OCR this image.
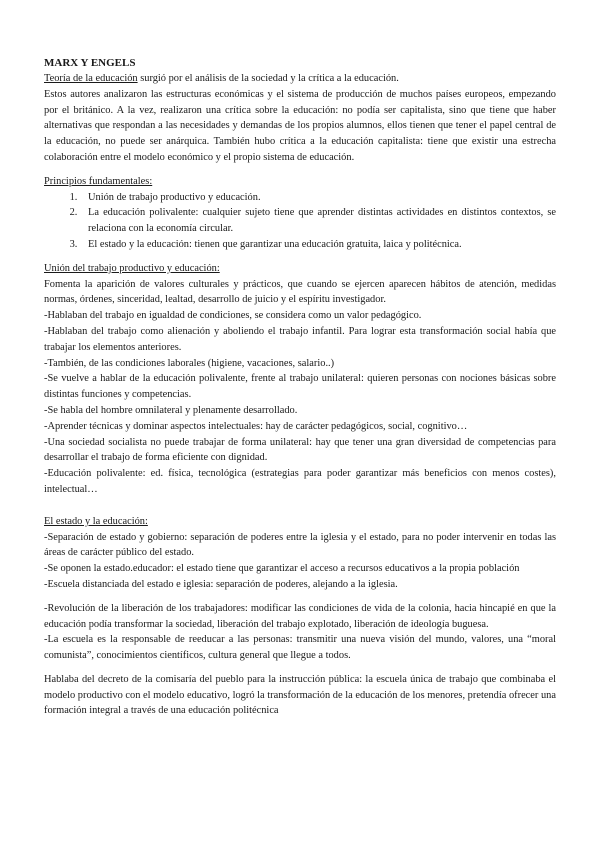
MARX Y ENGELS

Teoría de la educación surgió por el análisis de la sociedad y la crítica a la educación.

Estos autores analizaron las estructuras económicas y el sistema de producción de muchos países europeos, empezando por el británico. A la vez, realizaron una crítica sobre la educación: no podía ser capitalista, sino que tiene que haber alternativas que respondan a las necesidades y demandas de los propios alumnos, ellos tienen que tener el papel central de la educación, no puede ser anárquica. También hubo crítica a la educación capitalista: tiene que existir una estrecha colaboración entre el modelo económico y el propio sistema de educación.

Principios fundamentales:

1. Unión de trabajo productivo y educación.
2. La educación polivalente: cualquier sujeto tiene que aprender distintas actividades en distintos contextos, se relaciona con la economía circular.
3. El estado y la educación: tienen que garantizar una educación gratuita, laica y politécnica.

Unión del trabajo productivo y educación:

Fomenta la aparición de valores culturales y prácticos, que cuando se ejercen aparecen hábitos de atención, medidas normas, órdenes, sinceridad, lealtad, desarrollo de juicio y el espíritu investigador.

-Hablaban del trabajo en igualdad de condiciones, se considera como un valor pedagógico.

-Hablaban del trabajo como alienación y aboliendo el trabajo infantil. Para lograr esta transformación social había que trabajar los elementos anteriores.

-También, de las condiciones laborales (higiene, vacaciones, salario..)

-Se vuelve a hablar de la educación polivalente, frente al trabajo unilateral: quieren personas con nociones básicas sobre distintas funciones y competencias.

-Se habla del hombre omnilateral y plenamente desarrollado.

-Aprender técnicas y dominar aspectos intelectuales: hay de carácter pedagógicos, social, cognitivo…

-Una sociedad socialista no puede trabajar de forma unilateral: hay que tener una gran diversidad de competencias para desarrollar el trabajo de forma eficiente con dignidad.

-Educación polivalente: ed. física, tecnológica (estrategias para poder garantizar más beneficios con menos costes), intelectual…

El estado y la educación:

-Separación de estado y gobierno: separación de poderes entre la iglesia y el estado, para no poder intervenir en todas las áreas de carácter público del estado.

-Se oponen la estado.educador: el estado tiene que garantizar el acceso a recursos educativos a la propia población

-Escuela distanciada del estado e iglesia: separación de poderes, alejando a la iglesia.

-Revolución de la liberación de los trabajadores: modificar las condiciones de vida de la colonia, hacia hincapié en que la educación podía transformar la sociedad, liberación del trabajo explotado, liberación de ideología buguesa.

-La escuela es la responsable de reeducar a las personas: transmitir una nueva visión del mundo, valores, una “moral comunista”, conocimientos científicos, cultura general que llegue a todos.

Hablaba del decreto de la comisaría del pueblo para la instrucción pública: la escuela única de trabajo que combinaba el modelo productivo con el modelo educativo, logró la transformación de la educación de los menores, pretendía ofrecer una formación integral a través de una educación politécnica
